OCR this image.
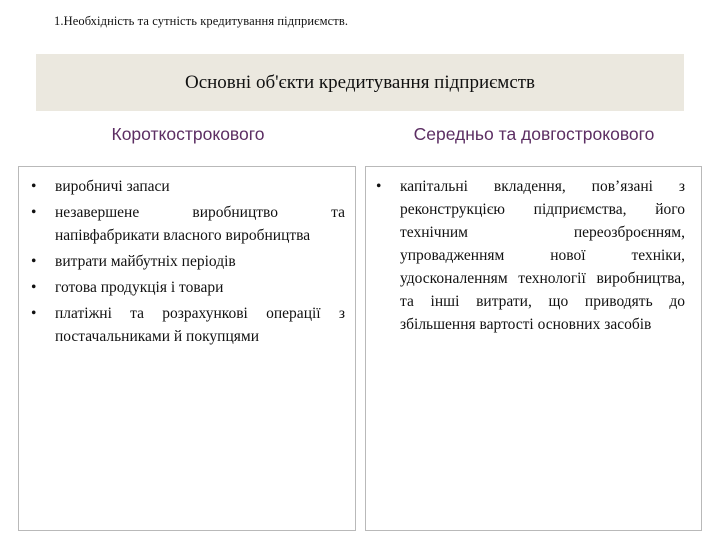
1.Необхідність та сутність кредитування підприємств.
Основні об'єкти кредитування підприємств
Короткострокового	Середньо та довгострокового
• виробничі запаси
• незавершене виробництво та напівфабрикати власного виробництва
• витрати майбутніх періодів
• готова продукція і товари
• платіжні та розрахункові операції з постачальниками й покупцями
• капітальні вкладення, пов’язані з реконструкцією підприємства, його технічним переозброєнням, упровадженням нової техніки, удосконаленням технології виробництва, та інші витрати, що приводять до збільшення вартості основних засобів
